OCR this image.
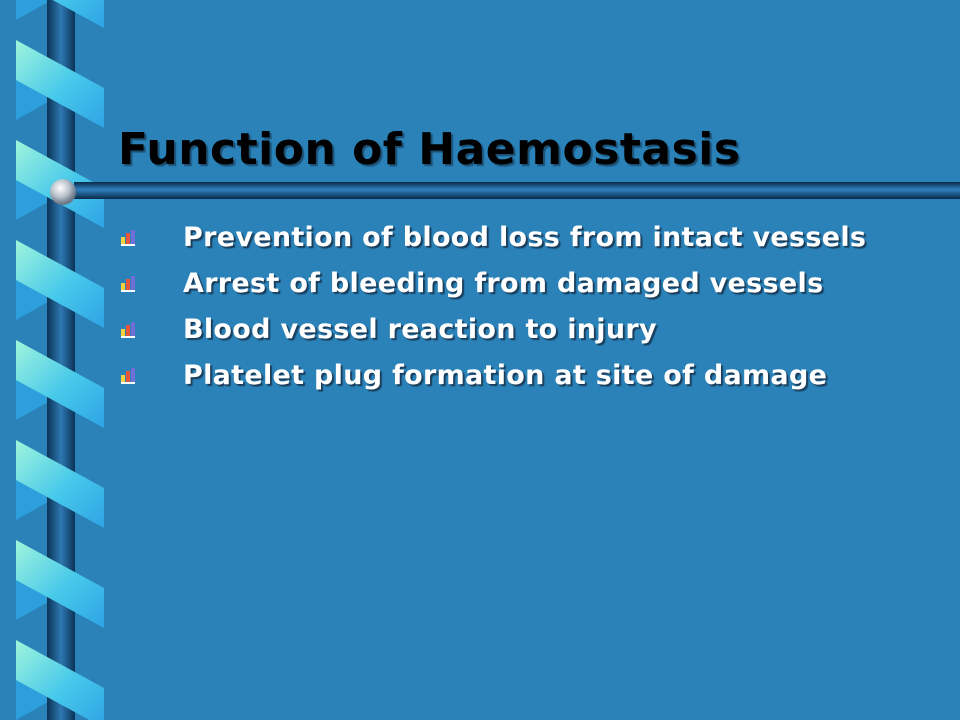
Function of Haemostasis
Prevention of blood loss from intact vessels
Arrest of bleeding from damaged vessels
Blood vessel reaction to injury
Platelet plug formation at site of damage
